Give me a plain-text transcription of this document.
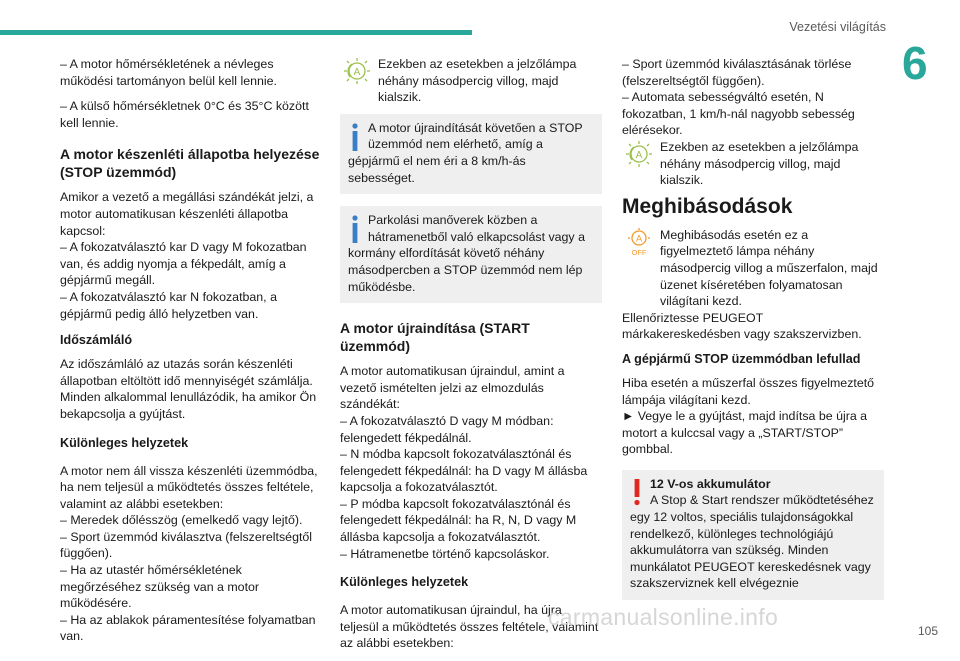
Vezetési világítás
6

– A motor hőmérsékletének a névleges működési tartományon belül kell lennie.

– A külső hőmérsékletnek 0°C és 35°C között kell lennie.

A motor készenléti állapotba helyezése (STOP üzemmód)

Amikor a vezető a megállási szándékát jelzi, a motor automatikusan készenléti állapotba kapcsol:

– A fokozatválasztó kar D vagy M fokozatban van, és addig nyomja a fékpedált, amíg a gépjármű megáll.

– A fokozatválasztó kar N fokozatban, a gépjármű pedig álló helyzetben van.

Időszámláló

Az időszámláló az utazás során készenléti állapotban eltöltött idő mennyiségét számlálja. Minden alkalommal lenullázódik, ha amikor Ön bekapcsolja a gyújtást.

Különleges helyzetek

A motor nem áll vissza készenléti üzemmódba, ha nem teljesül a működtetés összes feltétele, valamint az alábbi esetekben:

– Meredek dőlésszög (emelkedő vagy lejtő).

– Sport üzemmód kiválasztva (felszereltségtől függően).

– Ha az utastér hőmérsékletének megőrzéséhez szükség van a motor működésére.

– Ha az ablakok páramentesítése folyamatban van.

A
Ezekben az esetekben a jelzőlámpa néhány másodpercig villog, majd kialszik.
A motor újraindítását követően a STOP üzemmód nem elérhető, amíg a gépjármű el nem éri a 8 km/h-ás sebességet.
Parkolási manőverek közben a hátramenetből való elkapcsolást vagy a kormány elfordítását követő néhány másodpercben a STOP üzemmód nem lép működésbe.
A motor újraindítása (START üzemmód)

A motor automatikusan újraindul, amint a vezető ismételten jelzi az elmozdulás szándékát:

– A fokozatválasztó D vagy M módban: felengedett fékpedálnál.

– N módba kapcsolt fokozatválasztónál és felengedett fékpedálnál: ha D vagy M állásba kapcsolja a fokozatválasztót.

– P módba kapcsolt fokozatválasztónál és felengedett fékpedálnál: ha R, N, D vagy M állásba kapcsolja a fokozatválasztót.

– Hátramenetbe történő kapcsoláskor.

Különleges helyzetek

A motor automatikusan újraindul, ha újra teljesül a működtetés összes feltétele, valamint az alábbi esetekben:

– Sport üzemmód kiválasztásának törlése (felszereltségtől függően).

– Automata sebességváltó esetén, N fokozatban, 1 km/h-nál nagyobb sebesség elérésekor.

A
Ezekben az esetekben a jelzőlámpa néhány másodpercig villog, majd kialszik.
Meghibásodások
A
OFF
Meghibásodás esetén ez a figyelmeztető lámpa néhány másodpercig villog a műszerfalon, majd üzenet kíséretében folyamatosan világítani kezd.

Ellenőriztesse PEUGEOT márkakereskedésben vagy szakszervizben.

A gépjármű STOP üzemmódban lefullad

Hiba esetén a műszerfal összes figyelmeztető lámpája világítani kezd.

► Vegye le a gyújtást, majd indítsa be újra a motort a kulccsal vagy a „START/STOP” gombbal.

12 V-os akkumulátor
A Stop & Start rendszer működtetéséhez egy 12 voltos, speciális tulajdonságokkal rendelkező, különleges technológiájú akkumulátorra van szükség. Minden munkálatot PEUGEOT kereskedésnek vagy szakszerviznek kell elvégeznie
carmanualsonline.info
105
